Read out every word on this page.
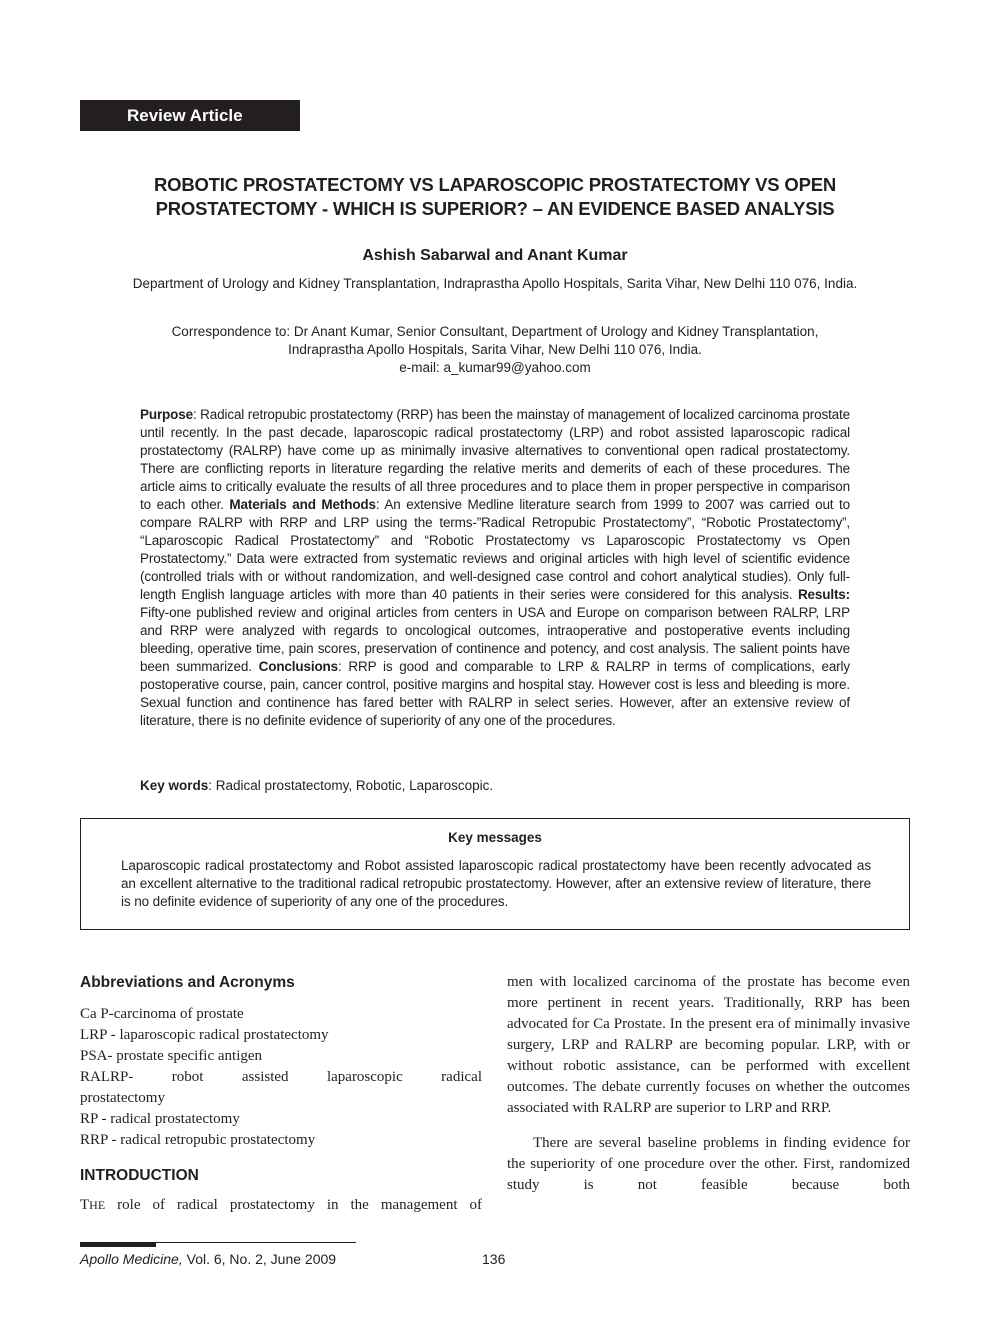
Review Article
ROBOTIC PROSTATECTOMY VS LAPAROSCOPIC PROSTATECTOMY VS OPEN
PROSTATECTOMY - WHICH IS SUPERIOR? – AN EVIDENCE BASED ANALYSIS
Ashish Sabarwal and Anant Kumar
Department of Urology and Kidney Transplantation, Indraprastha Apollo Hospitals, Sarita Vihar, New Delhi 110 076, India.
Correspondence to: Dr Anant Kumar, Senior Consultant, Department of Urology and Kidney Transplantation,
Indraprastha Apollo Hospitals, Sarita Vihar, New Delhi 110 076, India.
e-mail: a_kumar99@yahoo.com
Purpose: Radical retropubic prostatectomy (RRP) has been the mainstay of management of localized carcinoma prostate until recently. In the past decade, laparoscopic radical prostatectomy (LRP) and robot assisted laparoscopic radical prostatectomy (RALRP) have come up as minimally invasive alternatives to conventional open radical prostatectomy. There are conflicting reports in literature regarding the relative merits and demerits of each of these procedures. The article aims to critically evaluate the results of all three procedures and to place them in proper perspective in comparison to each other. Materials and Methods: An extensive Medline literature search from 1999 to 2007 was carried out to compare RALRP with RRP and LRP using the terms-”Radical Retropubic Prostatectomy”, “Robotic Prostatectomy”, “Laparoscopic Radical Prostatectomy” and “Robotic Prostatectomy vs Laparoscopic Prostatectomy vs Open Prostatectomy.” Data were extracted from systematic reviews and original articles with high level of scientific evidence (controlled trials with or without randomization, and well-designed case control and cohort analytical studies). Only full-length English language articles with more than 40 patients in their series were considered for this analysis. Results: Fifty-one published review and original articles from centers in USA and Europe on comparison between RALRP, LRP and RRP were analyzed with regards to oncological outcomes, intraoperative and postoperative events including bleeding, operative time, pain scores, preservation of continence and potency, and cost analysis. The salient points have been summarized. Conclusions: RRP is good and comparable to LRP & RALRP in terms of complications, early postoperative course, pain, cancer control, positive margins and hospital stay. However cost is less and bleeding is more. Sexual function and continence has fared better with RALRP in select series. However, after an extensive review of literature, there is no definite evidence of superiority of any one of the procedures.
Key words: Radical prostatectomy, Robotic, Laparoscopic.
Key messages
Laparoscopic radical prostatectomy and Robot assisted laparoscopic radical prostatectomy have been recently advocated as an excellent alternative to the traditional radical retropubic prostatectomy. However, after an extensive review of literature, there is no definite evidence of superiority of any one of the procedures.
Abbreviations and Acronyms
Ca P-carcinoma of prostate
LRP - laparoscopic radical prostatectomy
PSA- prostate specific antigen
RALRP- robot assisted laparoscopic radical
prostatectomy
RP - radical prostatectomy
RRP - radical retropubic prostatectomy
INTRODUCTION
THE role of radical prostatectomy in the management of

men with localized carcinoma of the prostate has become even more pertinent in recent years. Traditionally, RRP has been advocated for Ca Prostate. In the present era of minimally invasive surgery, LRP and RALRP are becoming popular. LRP, with or without robotic assistance, can be performed with excellent outcomes. The debate currently focuses on whether the outcomes associated with RALRP are superior to LRP and RRP.

There are several baseline problems in finding evidence for the superiority of one procedure over the other. First, randomized study is not feasible because both

Apollo Medicine, Vol. 6, No. 2, June 2009	136
